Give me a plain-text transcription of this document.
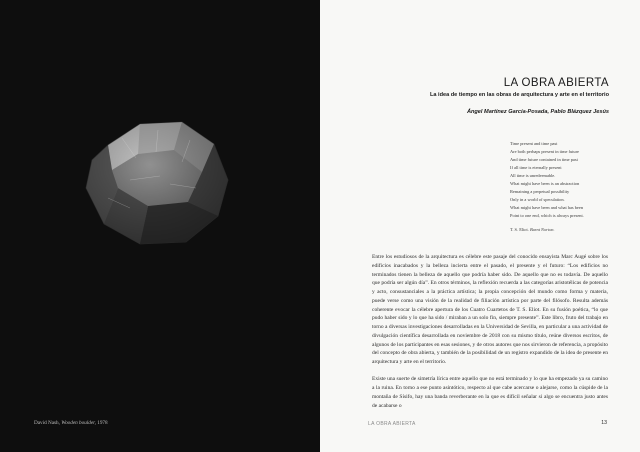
David Nash, Wooden boulder, 1978
LA OBRA ABIERTA
La idea de tiempo en las obras de arquitectura y arte en el territorio
Ángel Martínez García-Posada, Pablo Blázquez Jesús
Time present and time past
Are both perhaps present in time future
And time future contained in time past
If all time is eternally present
All time is unredeemable.
What might have been is an abstraction
Remaining a perpetual possibility
Only in a world of speculation.
What might have been and what has been
Point to one end, which is always present.
T. S. Eliot. Burnt Norton.

Entre los estudiosos de la arquitectura es célebre este pasaje del conocido ensayista Marc Augé sobre los edificios inacabados y la belleza incierta entre el pasado, el presente y el futuro: “Los edificios no terminados tienen la belleza de aquello que podría haber sido. De aquello que no es todavía. De aquello que podría ser algún día”. En otros términos, la reflexión recuerda a las categorías aristotélicas de potencia y acto, consustanciales a la práctica artística; la propia concepción del mundo como forma y materia, puede verse como una visión de la realidad de filiación artística por parte del filósofo. Resulta además coherente evocar la célebre apertura de los Cuatro Cuartetos de T. S. Eliot. En su fusión poética, “lo que pudo haber sido y lo que ha sido / miraban a un solo fin, siempre presente”. Este libro, fruto del trabajo en torno a diversas investigaciones desarrolladas en la Universidad de Sevilla, en particular a una actividad de divulgación científica desarrollada en noviembre de 2018 con su mismo título, reúne diversos escritos, de algunos de los participantes en esas sesiones, y de otros autores que nos sirvieron de referencia, a propósito del concepto de obra abierta, y también de la posibilidad de un registro expandido de la idea de presente en arquitectura y arte en el territorio.

Existe una suerte de simetría lírica entre aquello que no está terminado y lo que ha empezado ya su camino a la ruina. En torno a ese punto asintótico, respecto al que cabe acercarse o alejarse, como la cúspide de la montaña de Sísifo, hay una banda reverberante en la que es difícil señalar si algo se encuentra justo antes de acabarse o

LA OBRA ABIERTA	13
